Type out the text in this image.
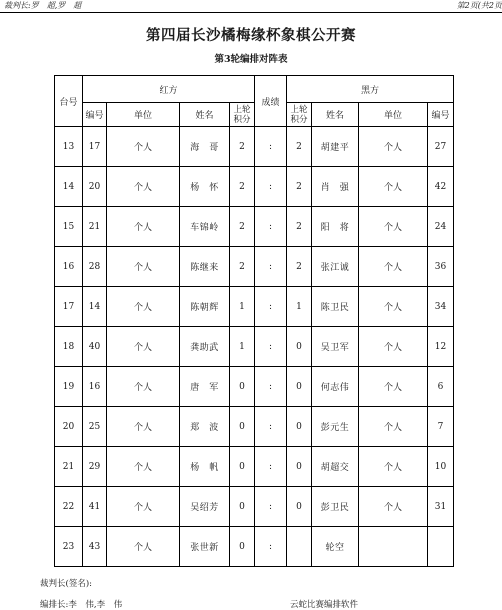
裁判长:罗　超,罗　超	第2页(共2页
第四届长沙橘梅缘杯象棋公开赛
第3轮编排对阵表
台号	红方				成绩	黑方			
	编号	单位	姓名	上轮积分		上轮积分	姓名	单位	编号
13	17	个人	海　哥	2	:	2	胡建平	个人	27
14	20	个人	杨　怀	2	:	2	肖　强	个人	42
15	21	个人	车锦岭	2	:	2	阳　将	个人	24
16	28	个人	陈继来	2	:	2	张江诚	个人	36
17	14	个人	陈朝辉	1	:	1	陈卫民	个人	34
18	40	个人	龚助武	1	:	0	吴卫军	个人	12
19	16	个人	唐　军	0	:	0	何志伟	个人	6
20	25	个人	郑　波	0	:	0	彭元生	个人	7
21	29	个人	杨　帆	0	:	0	胡超交	个人	10
22	41	个人	吴绍芳	0	:	0	彭卫民	个人	31
23	43	个人	张世新	0	:		轮空		
裁判长(签名):
编排长:李　伟,李　伟	云蛇比赛编排软件
